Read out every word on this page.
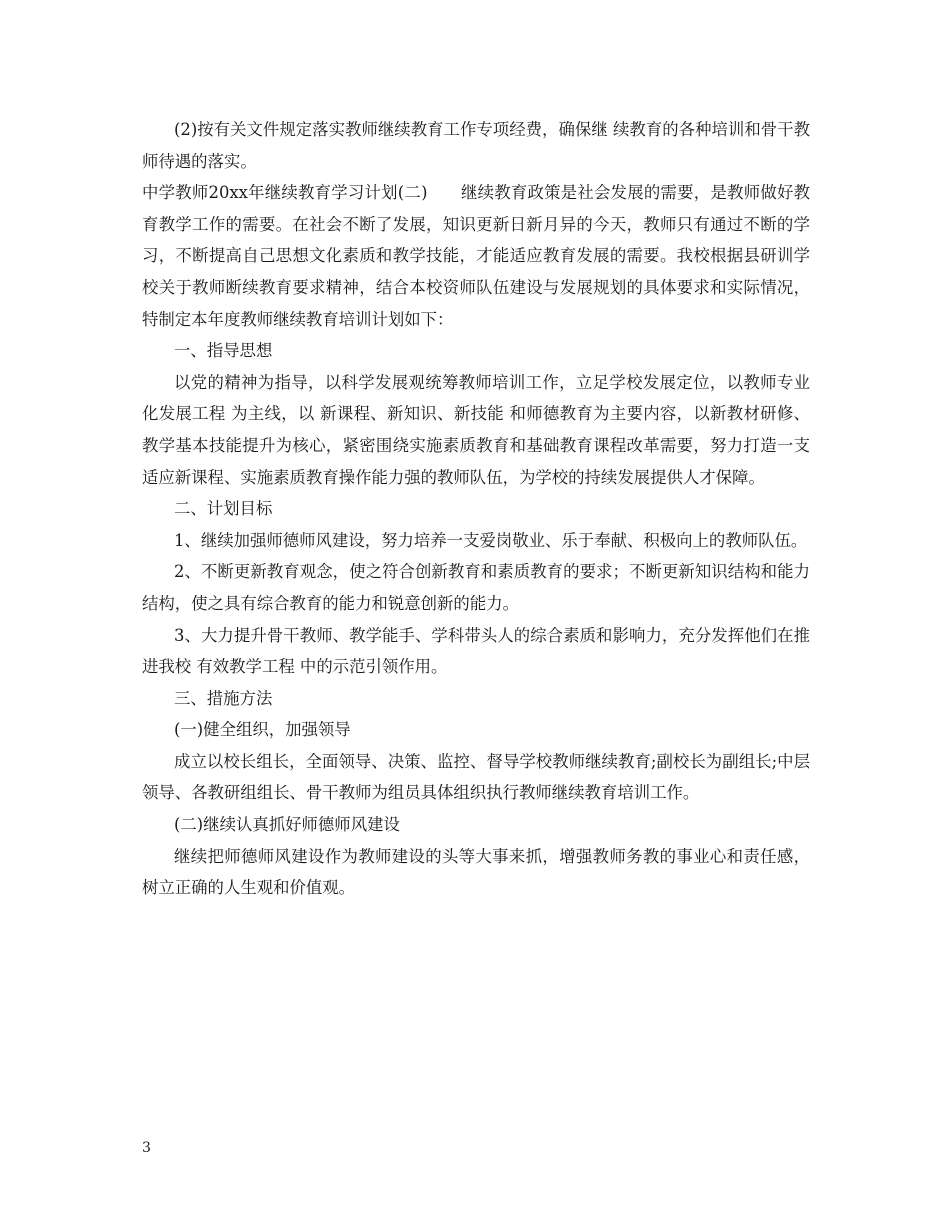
(2)按有关文件规定落实教师继续教育工作专项经费，确保继 续教育的各种培训和骨干教师待遇的落实。

中学教师20xx年继续教育学习计划(二)　　继续教育政策是社会发展的需要，是教师做好教育教学工作的需要。在社会不断了发展，知识更新日新月异的今天，教师只有通过不断的学习，不断提高自己思想文化素质和教学技能，才能适应教育发展的需要。我校根据县研训学校关于教师断续教育要求精神，结合本校资师队伍建设与发展规划的具体要求和实际情况，特制定本年度教师继续教育培训计划如下：

一、指导思想

以党的精神为指导，以科学发展观统筹教师培训工作，立足学校发展定位，以教师专业化发展工程 为主线，以 新课程、新知识、新技能 和师德教育为主要内容，以新教材研修、教学基本技能提升为核心，紧密围绕实施素质教育和基础教育课程改革需要，努力打造一支适应新课程、实施素质教育操作能力强的教师队伍，为学校的持续发展提供人才保障。

二、计划目标

1、继续加强师德师风建设，努力培养一支爱岗敬业、乐于奉献、积极向上的教师队伍。

2、不断更新教育观念，使之符合创新教育和素质教育的要求；不断更新知识结构和能力结构，使之具有综合教育的能力和锐意创新的能力。

3、大力提升骨干教师、教学能手、学科带头人的综合素质和影响力，充分发挥他们在推进我校 有效教学工程 中的示范引领作用。

三、措施方法

(一)健全组织，加强领导

成立以校长组长，全面领导、决策、监控、督导学校教师继续教育;副校长为副组长;中层领导、各教研组组长、骨干教师为组员具体组织执行教师继续教育培训工作。

(二)继续认真抓好师德师风建设

继续把师德师风建设作为教师建设的头等大事来抓，增强教师务教的事业心和责任感，树立正确的人生观和价值观。

3
